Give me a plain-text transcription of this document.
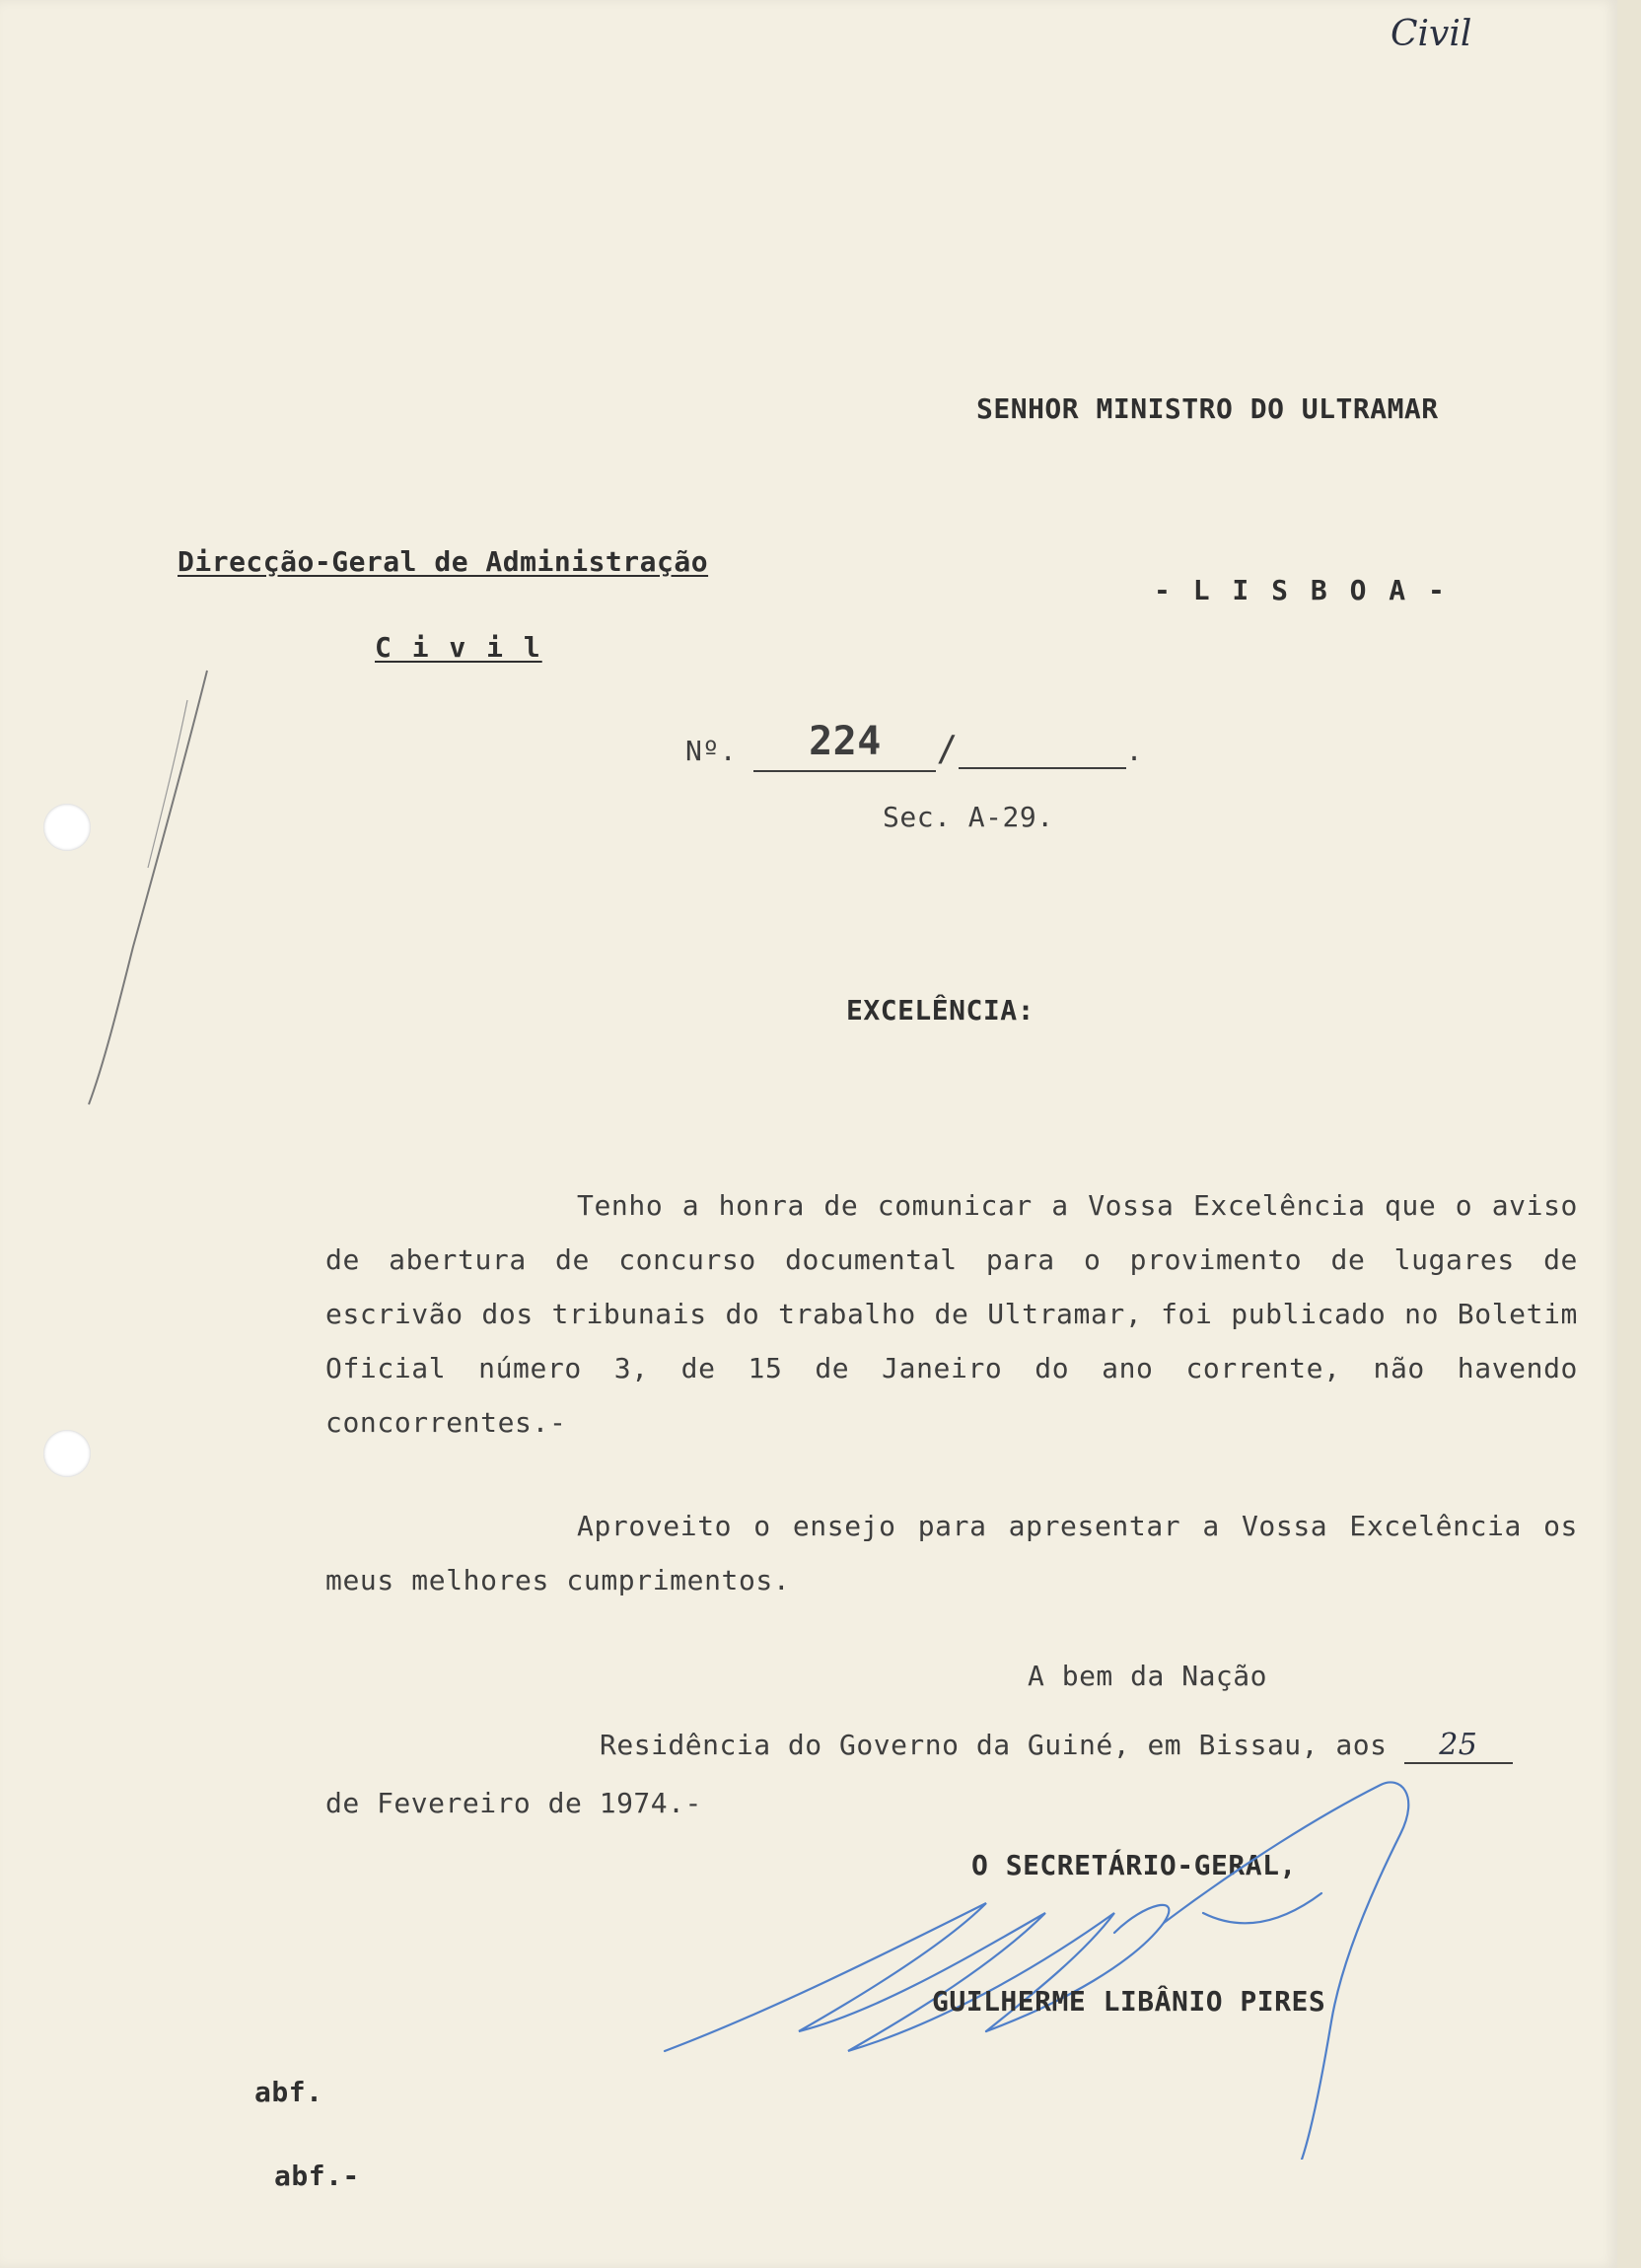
Civil
SENHOR MINISTRO DO ULTRAMAR
Direcção-Geral de Administração
- L I S B O A -
C i v i l
Nº. 224 /	.
Sec. A-29.
EXCELÊNCIA:

Tenho a honra de comunicar a Vossa Excelência que o aviso de abertura de concurso documental para o provimento de lugares de escrivão dos tribunais do trabalho de Ultramar, foi publicado no Boletim Oficial número 3, de 15 de Janeiro do ano corrente, não havendo concorrentes.-

Aproveito o ensejo para apresentar a Vossa Excelência os meus melhores cumprimentos.

A bem da Nação
Residência do Governo da Guiné, em Bissau, aos 25
de Fevereiro de 1974.-
O SECRETÁRIO-GERAL,
GUILHERME LIBÂNIO PIRES
abf.
abf.-
